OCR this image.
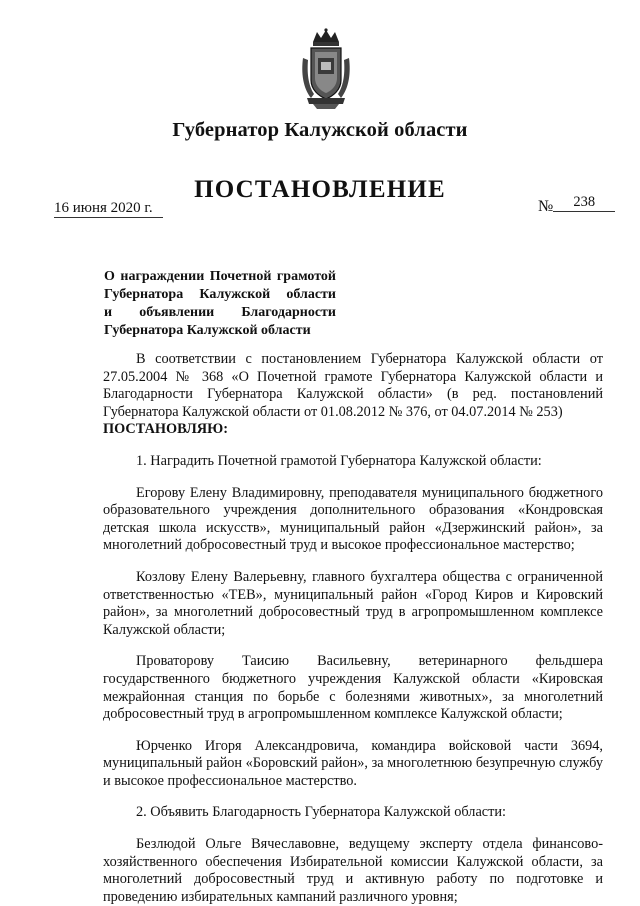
Губернатор Калужской области
ПОСТАНОВЛЕНИЕ
16 июня 2020 г.	№ 238
О награждении Почетной грамотой
Губернатора Калужской области
и объявлении Благодарности
Губернатора Калужской области

В соответствии с постановлением Губернатора Калужской области от 27.05.2004 № 368 «О Почетной грамоте Губернатора Калужской области и Благодарности Губернатора Калужской области» (в ред. постановлений Губернатора Калужской области от 01.08.2012 № 376, от 04.07.2014 № 253)

ПОСТАНОВЛЯЮ:

1. Наградить Почетной грамотой Губернатора Калужской области:

Егорову Елену Владимировну, преподавателя муниципального бюджетного образовательного учреждения дополнительного образования «Кондровская детская школа искусств», муниципальный район «Дзержинский район», за многолетний добросовестный труд и высокое профессиональное мастерство;

Козлову Елену Валерьевну, главного бухгалтера общества с ограниченной ответственностью «ТЕВ», муниципальный район «Город Киров и Кировский район», за многолетний добросовестный труд в агропромышленном комплексе Калужской области;

Проваторову Таисию Васильевну, ветеринарного фельдшера государственного бюджетного учреждения Калужской области «Кировская межрайонная станция по борьбе с болезнями животных», за многолетний добросовестный труд в агропромышленном комплексе Калужской области;

Юрченко Игоря Александровича, командира войсковой части 3694, муниципальный район «Боровский район», за многолетнюю безупречную службу и высокое профессиональное мастерство.

2. Объявить Благодарность Губернатора Калужской области:

Безлюдой Ольге Вячеславовне, ведущему эксперту отдела финансово-хозяйственного обеспечения Избирательной комиссии Калужской области, за многолетний добросовестный труд и активную работу по подготовке и проведению избирательных кампаний различного уровня;
